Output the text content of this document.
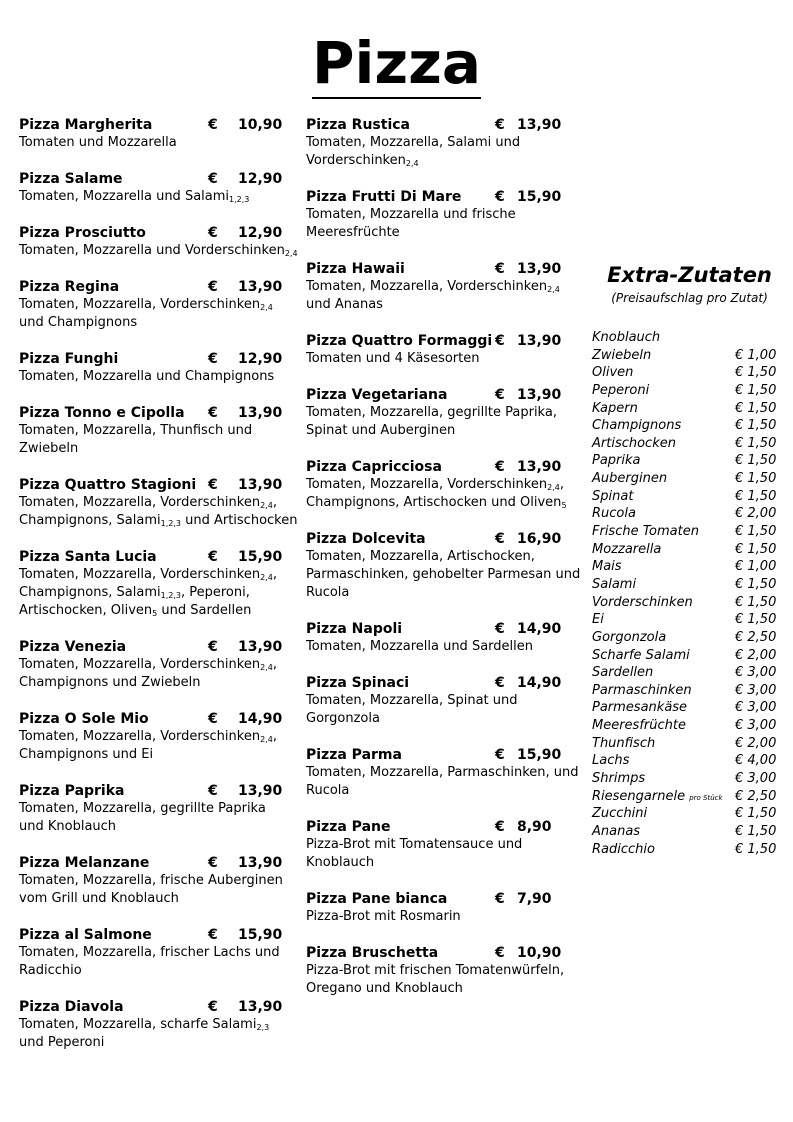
Pizza
Pizza Margherita	€ 10,90
Tomaten und Mozzarella
Pizza Salame	€ 12,90
Tomaten, Mozzarella und Salami$_{1,2,3}$
Pizza Prosciutto	€ 12,90
Tomaten, Mozzarella und Vorderschinken$_{2,4}$
Pizza Regina	€ 13,90
Tomaten, Mozzarella, Vorderschinken$_{2,4}$
und Champignons
Pizza Funghi	€ 12,90
Tomaten, Mozzarella und Champignons
Pizza Tonno e Cipolla € 13,90
Tomaten, Mozzarella, Thunfisch und
Zwiebeln
Pizza Quattro Stagioni € 13,90
Tomaten, Mozzarella, Vorderschinken$_{2,4}$,
Champignons, Salami$_{1,2,3}$ und Artischocken
Pizza Santa Lucia	€ 15,90
Tomaten, Mozzarella, Vorderschinken$_{2,4}$,
Champignons, Salami$_{1,2,3}$, Peperoni,
Artischocken, Oliven$_5$ und Sardellen
Pizza Venezia	€ 13,90
Tomaten, Mozzarella, Vorderschinken$_{2,4}$,
Champignons und Zwiebeln
Pizza O Sole Mio	€ 14,90
Tomaten, Mozzarella, Vorderschinken$_{2,4}$,
Champignons und Ei
Pizza Paprika	€ 13,90
Tomaten, Mozzarella, gegrillte Paprika
und Knoblauch
Pizza Melanzane	€ 13,90
Tomaten, Mozzarella, frische Auberginen
vom Grill und Knoblauch
Pizza al Salmone	€ 15,90
Tomaten, Mozzarella, frischer Lachs und
Radicchio
Pizza Diavola	€ 13,90
Tomaten, Mozzarella, scharfe Salami$_{2,3}$
und Peperoni
Pizza Rustica	€ 13,90
Tomaten, Mozzarella, Salami und
Vorderschinken$_{2,4}$
Pizza Frutti Di Mare € 15,90
Tomaten, Mozzarella und frische
Meeresfrüchte
Pizza Hawaii	€ 13,90
Tomaten, Mozzarella, Vorderschinken$_{2,4}$
und Ananas
Pizza Quattro Formaggi € 13,90
Tomaten und 4 Käsesorten
Pizza Vegetariana	€ 13,90
Tomaten, Mozzarella, gegrillte Paprika,
Spinat und Auberginen
Pizza Capricciosa	€ 13,90
Tomaten, Mozzarella, Vorderschinken$_{2,4}$,
Champignons, Artischocken und Oliven$_5$
Pizza Dolcevita	€ 16,90
Tomaten, Mozzarella, Artischocken,
Parmaschinken, gehobelter Parmesan und
Rucola
Pizza Napoli	€ 14,90
Tomaten, Mozzarella und Sardellen
Pizza Spinaci	€ 14,90
Tomaten, Mozzarella, Spinat und
Gorgonzola
Pizza Parma	€ 15,90
Tomaten, Mozzarella, Parmaschinken, und
Rucola
Pizza Pane	€ 8,90
Pizza-Brot mit Tomatensauce und
Knoblauch
Pizza Pane bianca	€ 7,90
Pizza-Brot mit Rosmarin
Pizza Bruschetta	€ 10,90
Pizza-Brot mit frischen Tomatenwürfeln,
Oregano und Knoblauch
Extra-Zutaten
(Preisaufschlag pro Zutat)
Knoblauch
Zwiebeln	€ 1,00
Oliven	€ 1,50
Peperoni	€ 1,50
Kapern	€ 1,50
Champignons	€ 1,50
Artischocken	€ 1,50
Paprika	€ 1,50
Auberginen	€ 1,50
Spinat	€ 1,50
Rucola	€ 2,00
Frische Tomaten	€ 1,50
Mozzarella	€ 1,50
Mais	€ 1,00
Salami	€ 1,50
Vorderschinken	€ 1,50
Ei	€ 1,50
Gorgonzola	€ 2,50
Scharfe Salami	€ 2,00
Sardellen	€ 3,00
Parmaschinken	€ 3,00
Parmesankäse	€ 3,00
Meeresfrüchte	€ 3,00
Thunfisch	€ 2,00
Lachs	€ 4,00
Shrimps	€ 3,00
Riesengarnele pro Stück € 2,50
Zucchini	€ 1,50
Ananas	€ 1,50
Radicchio	€ 1,50
